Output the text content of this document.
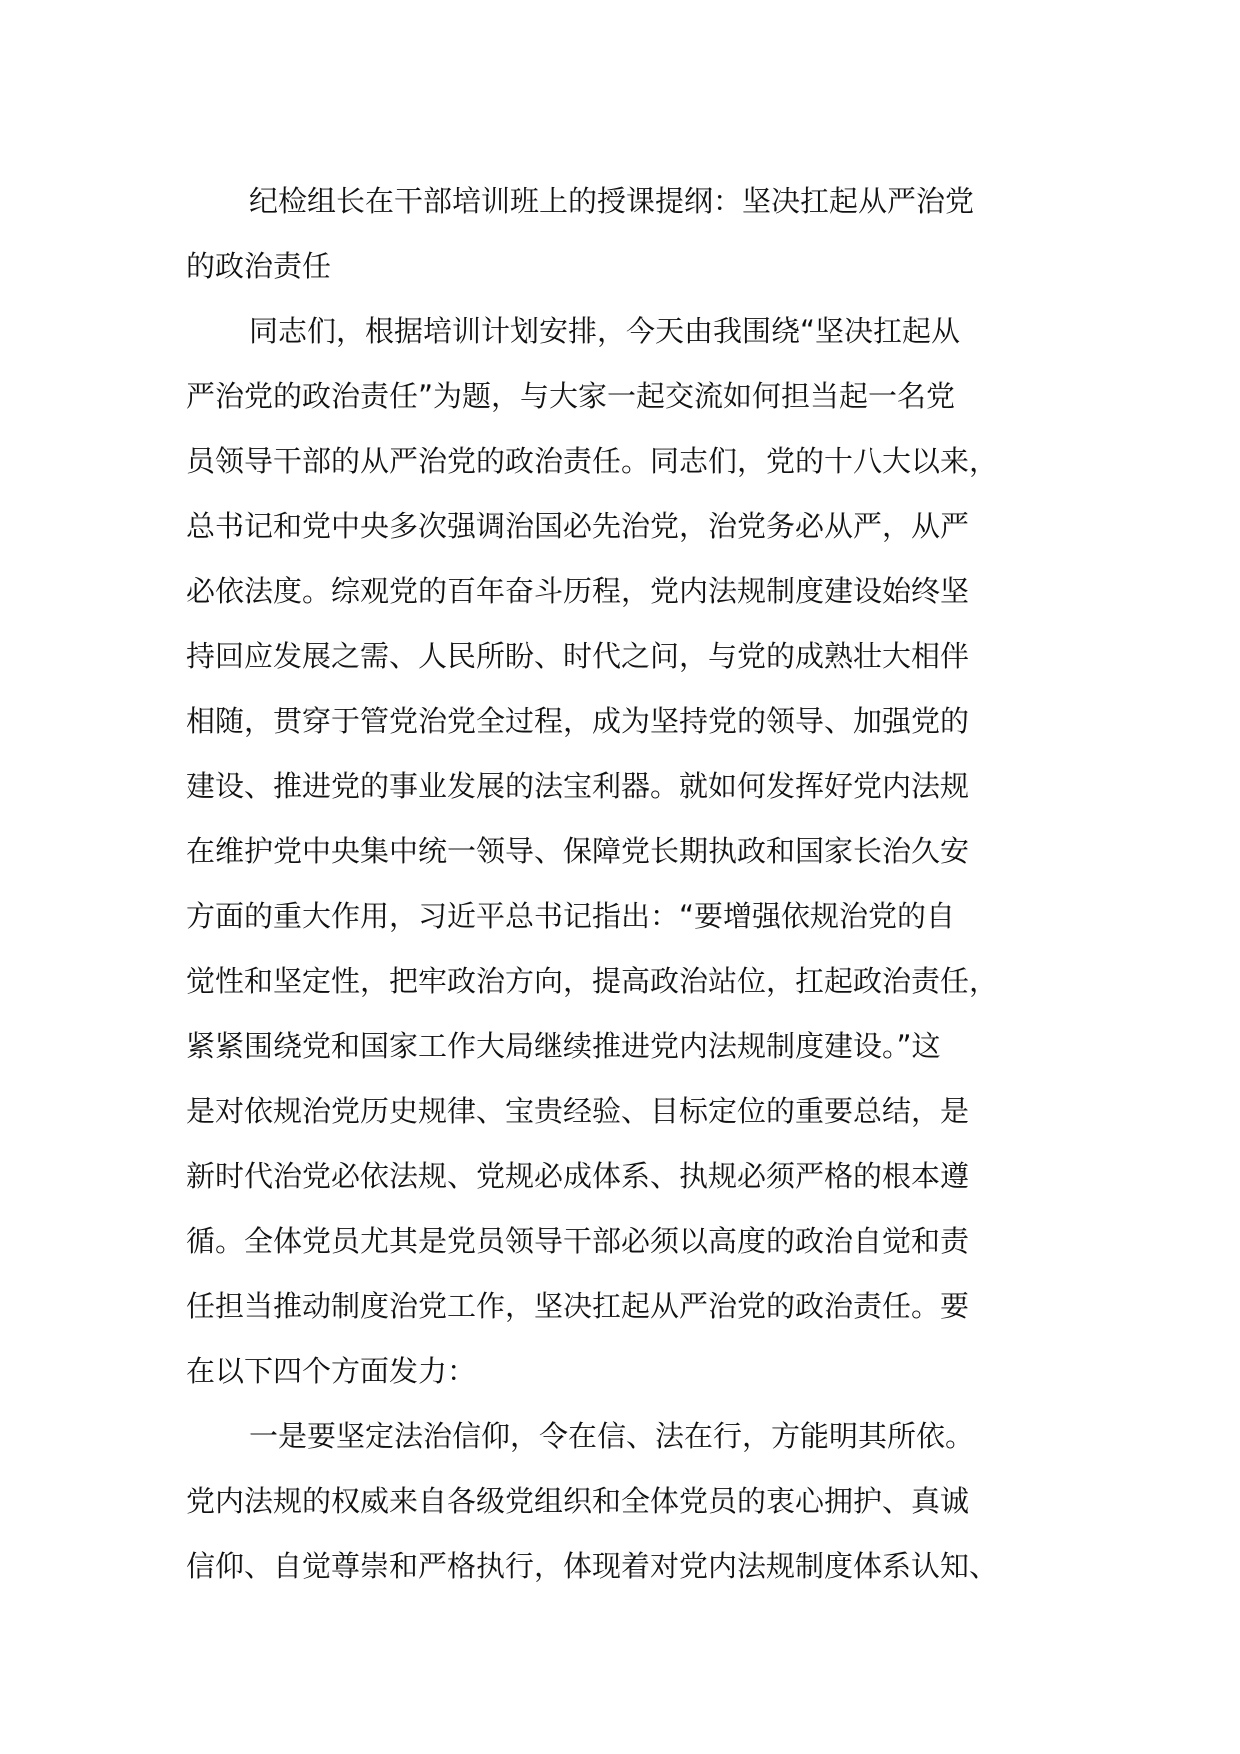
纪检组长在干部培训班上的授课提纲：坚决扛起从严治党
的政治责任
同志们，根据培训计划安排，今天由我围绕“坚决扛起从
严治党的政治责任”为题，与大家一起交流如何担当起一名党
员领导干部的从严治党的政治责任。同志们，党的十八大以来，
总书记和党中央多次强调治国必先治党，治党务必从严，从严
必依法度。综观党的百年奋斗历程，党内法规制度建设始终坚
持回应发展之需、人民所盼、时代之问，与党的成熟壮大相伴
相随，贯穿于管党治党全过程，成为坚持党的领导、加强党的
建设、推进党的事业发展的法宝利器。就如何发挥好党内法规
在维护党中央集中统一领导、保障党长期执政和国家长治久安
方面的重大作用，习近平总书记指出：“要增强依规治党的自
觉性和坚定性，把牢政治方向，提高政治站位，扛起政治责任，
紧紧围绕党和国家工作大局继续推进党内法规制度建设。”这
是对依规治党历史规律、宝贵经验、目标定位的重要总结，是
新时代治党必依法规、党规必成体系、执规必须严格的根本遵
循。全体党员尤其是党员领导干部必须以高度的政治自觉和责
任担当推动制度治党工作，坚决扛起从严治党的政治责任。要
在以下四个方面发力：
一是要坚定法治信仰，令在信、法在行，方能明其所依。
党内法规的权威来自各级党组织和全体党员的衷心拥护、真诚
信仰、自觉尊崇和严格执行，体现着对党内法规制度体系认知、
